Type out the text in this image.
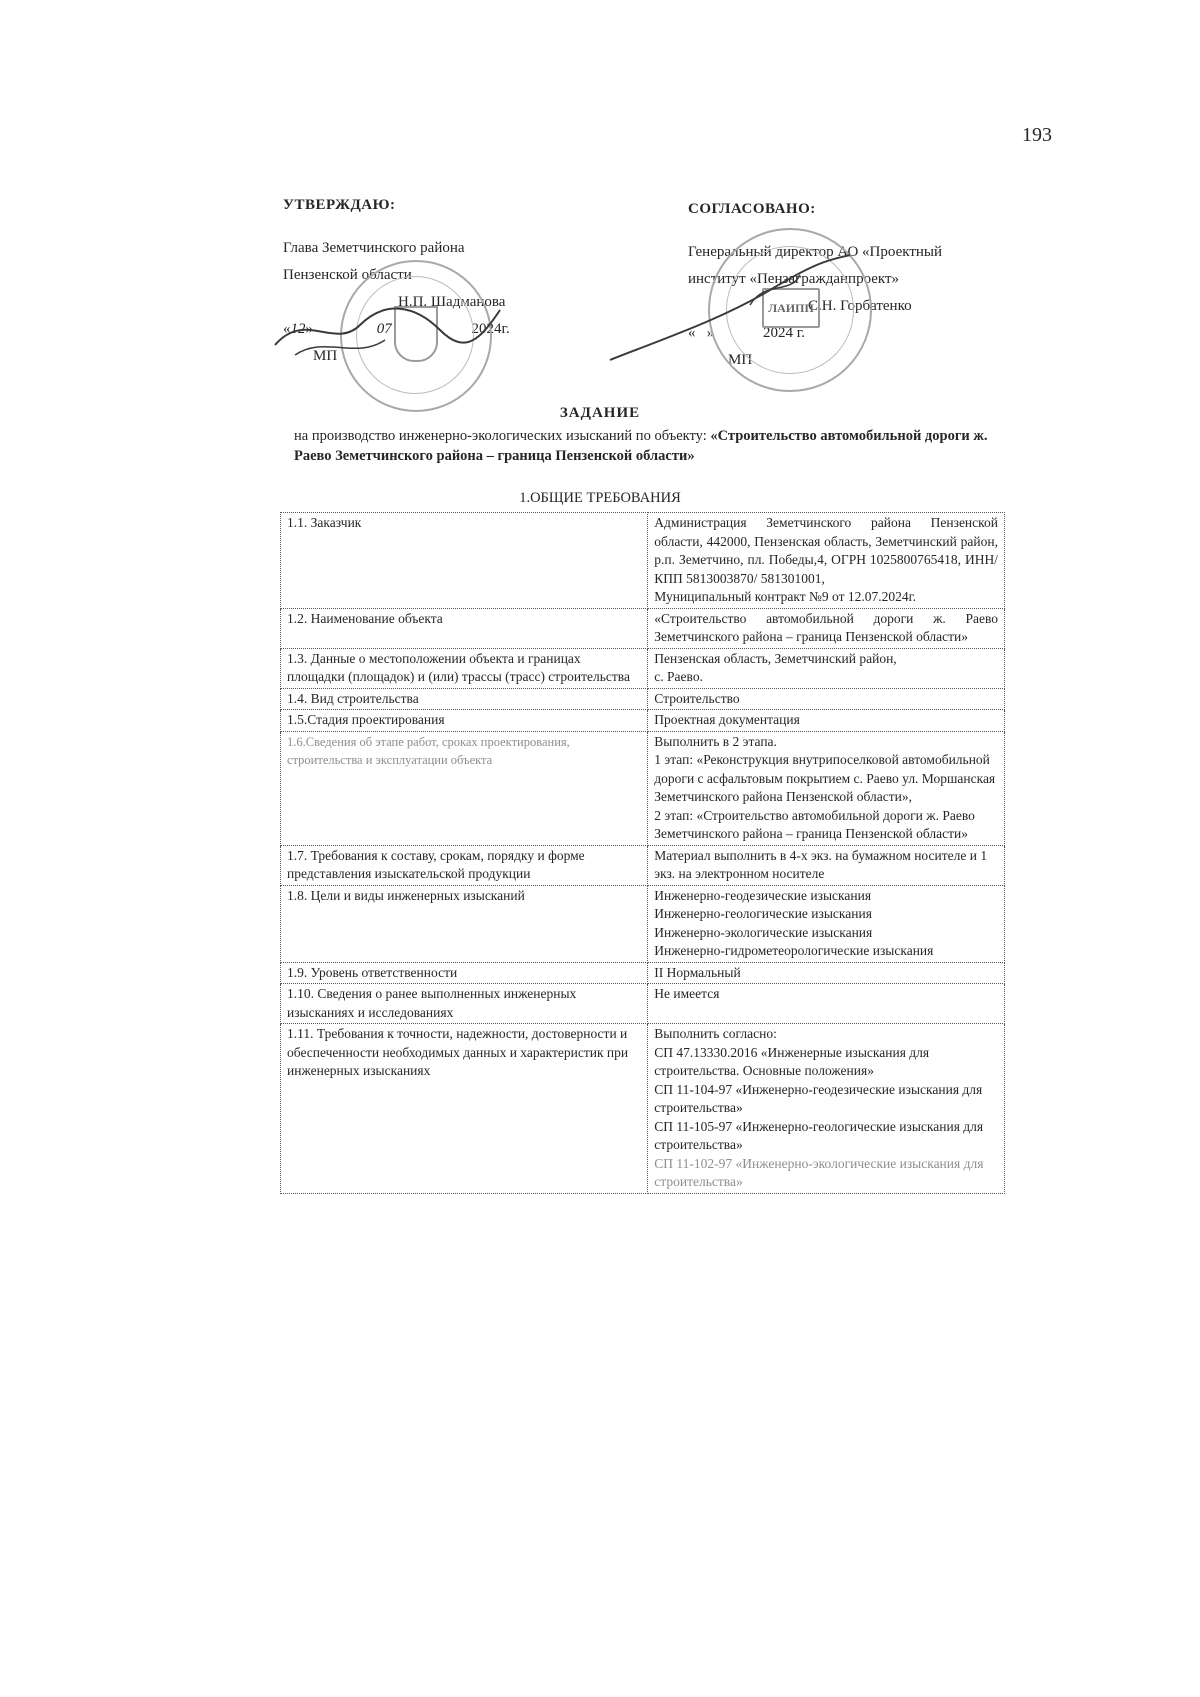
193
УТВЕРЖДАЮ:
Глава Земетчинского района
Пензенской области
Н.П. Шадманова
«12»	07	2024г.
МП
СОГЛАСОВАНО:
Генеральный директор АО «Проектный
институт «Пензагражданпроект»
С.Н. Горбатенко
«   »             2024 г.
МП
ЛАИПП
ЗАДАНИЕ
на производство инженерно-экологических изысканий по объекту: «Строительство автомобильной дороги ж. Раево Земетчинского района – граница Пензенской области»
1.ОБЩИЕ ТРЕБОВАНИЯ
1.1. Заказчик	Администрация Земетчинского района Пензенской области, 442000, Пензенская область, Земетчинский район, р.п. Земетчино, пл. Победы,4, ОГРН 1025800765418, ИНН/КПП 5813003870/ 581301001,
Муниципальный контракт №9 от 12.07.2024г.

1.2. Наименование объекта	«Строительство автомобильной дороги ж. Раево Земетчинского района – граница Пензенской области»

1.3. Данные о местоположении объекта и границах площадки (площадок) и (или) трассы (трасс) строительства	Пензенская область, Земетчинский район,
с. Раево.

1.4. Вид строительства	Строительство

1.5.Стадия проектирования	Проектная документация

1.6.Сведения об этапе работ, сроках проектирования, строительства и эксплуатации объекта	Выполнить в 2 этапа.
1 этап: «Реконструкция внутрипоселковой автомобильной дороги с асфальтовым покрытием с. Раево ул. Моршанская Земетчинского района Пензенской области»,
2 этап: «Строительство автомобильной дороги ж. Раево Земетчинского района – граница Пензенской области»

1.7. Требования к составу, срокам, порядку и форме представления изыскательской продукции	Материал выполнить в 4-х экз. на бумажном носителе и 1 экз. на электронном носителе

1.8. Цели и виды инженерных изысканий	Инженерно-геодезические изыскания
Инженерно-геологические изыскания
Инженерно-экологические изыскания
Инженерно-гидрометеорологические изыскания

1.9. Уровень ответственности	II Нормальный

1.10. Сведения о ранее выполненных инженерных изысканиях и исследованиях	Не имеется

1.11. Требования к точности, надежности, достоверности и обеспеченности необходимых данных и характеристик при инженерных изысканиях	Выполнить согласно:
СП 47.13330.2016 «Инженерные изыскания для строительства. Основные положения»
СП 11-104-97 «Инженерно-геодезические изыскания для строительства»
СП 11-105-97 «Инженерно-геологические изыскания для строительства»
СП 11-102-97 «Инженерно-экологические изыскания для строительства»
